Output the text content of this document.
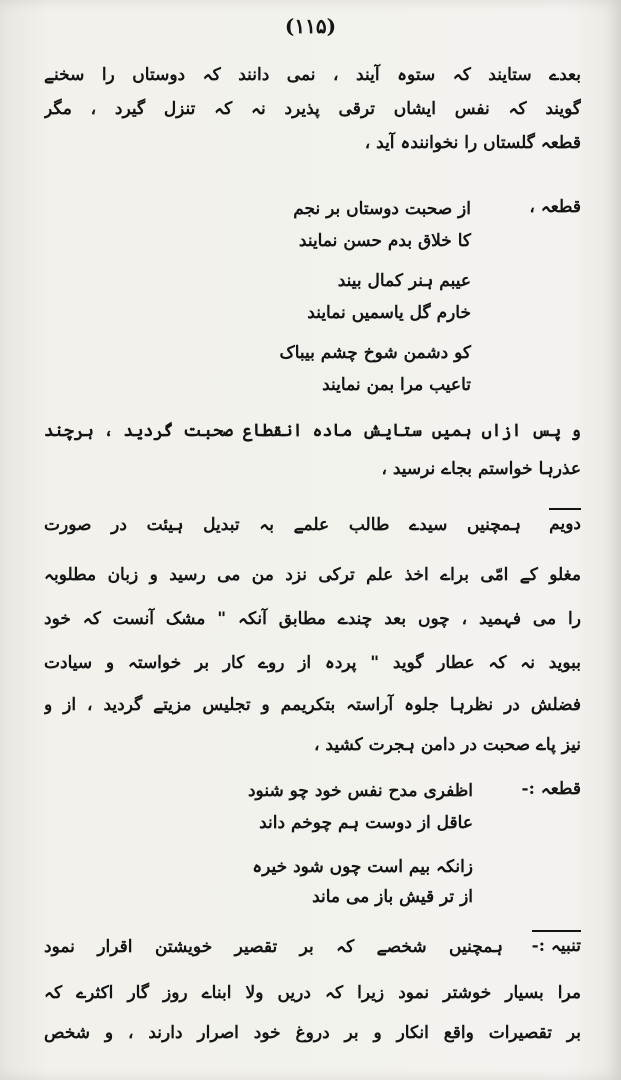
(۱۱۵)
بعدے ستایند کہ ستوہ آیند ، نمی دانند کہ دوستاں را سخنے
گویند کہ نفس ایشاں ترقی پذیرد نہ کہ تنزل گیرد ، مگر
قطعہ گلستاں را نخوانندہ آید ،
قطعہ ،
از صحبت دوستاں بر نجم
کا خلاق بدم حسن نمایند
عیبم ہنر کمال بیند
خارم گل یاسمیں نمایند
کو دشمن شوخ چشم بیباک
تاعیب مرا بمن نمایند
و پس ازاں ہمیں ستایش مادہ انقطاع صحبت گردید ، ہرچند
عذرہا خواستم بجاے نرسید ،
ہمچنیں سیدے طالب علمے بہ تبدیل ہیئت در صورت دویم
مغلو کے امّی براے اخذ علم ترکی نزد من می رسید و زبان مطلوبہ
را می فہمید ، چوں بعد چندے مطابق آنکہ " مشک آنست کہ خود
ببوید نہ کہ عطار گوید " پردہ از روے کار بر خواستہ و سیادت
فضلش در نظرہا جلوہ آراستہ بتکریمم و تجلیس مزیتے گردید ، از و
نیز پاے صحبت در دامن ہجرت کشید ،
قطعہ :-
اظفری مدح نفس خود چو شنود
عاقل از دوست ہم چوخم داند
زانکہ بیم است چوں شود خیرہ
از تر قیش باز می ماند
ہمچنیں شخصے کہ بر تقصیر خویشتن اقرار نمود تنبیہ :-
مرا بسیار خوشتر نمود زیرا کہ دریں ولا ابناے روز گار اکثرے کہ
بر تقصیرات واقع انکار و بر دروغ خود اصرار دارند ، و شخص
